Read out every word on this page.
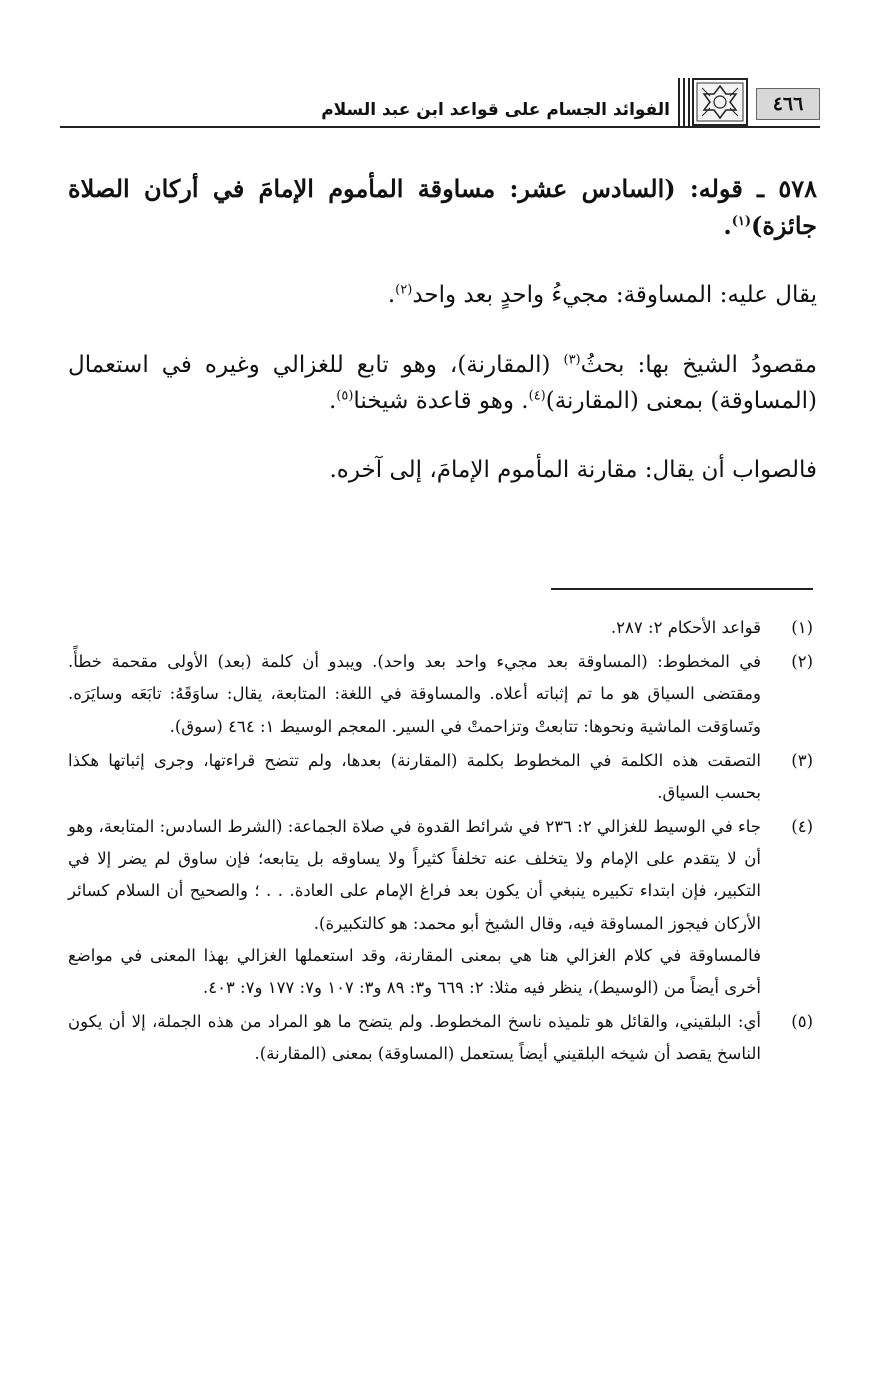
٤٦٦
الفوائد الجسام على قواعد ابن عبد السلام

٥٧٨ ـ قوله: (السادس عشر: مساوقة المأموم الإمامَ في أركان الصلاة جائزة)$^{(١)}$.

يقال عليه: المساوقة: مجيءُ واحدٍ بعد واحد$^{(٢)}$.

مقصودُ الشيخ بها: بحثُ$^{(٣)}$ (المقارنة)، وهو تابع للغزالي وغيره في استعمال (المساوقة) بمعنى (المقارنة)$^{(٤)}$. وهو قاعدة شيخنا$^{(٥)}$.

فالصواب أن يقال: مقارنة المأموم الإمامَ، إلى آخره.

(١)

قواعد الأحكام ٢: ٢٨٧.

(٢)

في المخطوط: (المساوقة بعد مجيء واحد بعد واحد). ويبدو أن كلمة (بعد) الأولى مقحمة خطأً. ومقتضى السياق هو ما تم إثباته أعلاه. والمساوقة في اللغة: المتابعة، يقال: ساوَقَهُ: تابَعَه وسايَرَه. وتَساوَقت الماشية ونحوها: تتابعتْ وتزاحمتْ في السير. المعجم الوسيط ١: ٤٦٤ (سوق).

(٣)

التصقت هذه الكلمة في المخطوط بكلمة (المقارنة) بعدها، ولم تتضح قراءتها، وجرى إثباتها هكذا بحسب السياق.

(٤)

جاء في الوسيط للغزالي ٢: ٢٣٦ في شرائط القدوة في صلاة الجماعة: (الشرط السادس: المتابعة، وهو أن لا يتقدم على الإمام ولا يتخلف عنه تخلفاً كثيراً ولا يساوقه بل يتابعه؛ فإن ساوق لم يضر إلا في التكبير، فإن ابتداء تكبيره ينبغي أن يكون بعد فراغ الإمام على العادة. . . ؛ والصحيح أن السلام كسائر الأركان فيجوز المساوقة فيه، وقال الشيخ أبو محمد: هو كالتكبيرة).

فالمساوقة في كلام الغزالي هنا هي بمعنى المقارنة، وقد استعملها الغزالي بهذا المعنى في مواضع أخرى أيضاً من (الوسيط)، ينظر فيه مثلا: ٢: ٦٦٩ و٣: ٨٩ و٣: ١٠٧ و٧: ١٧٧ و٧: ٤٠٣.

(٥)

أي: البلقيني، والقائل هو تلميذه ناسخ المخطوط. ولم يتضح ما هو المراد من هذه الجملة، إلا أن يكون الناسخ يقصد أن شيخه البلقيني أيضاً يستعمل (المساوقة) بمعنى (المقارنة).
